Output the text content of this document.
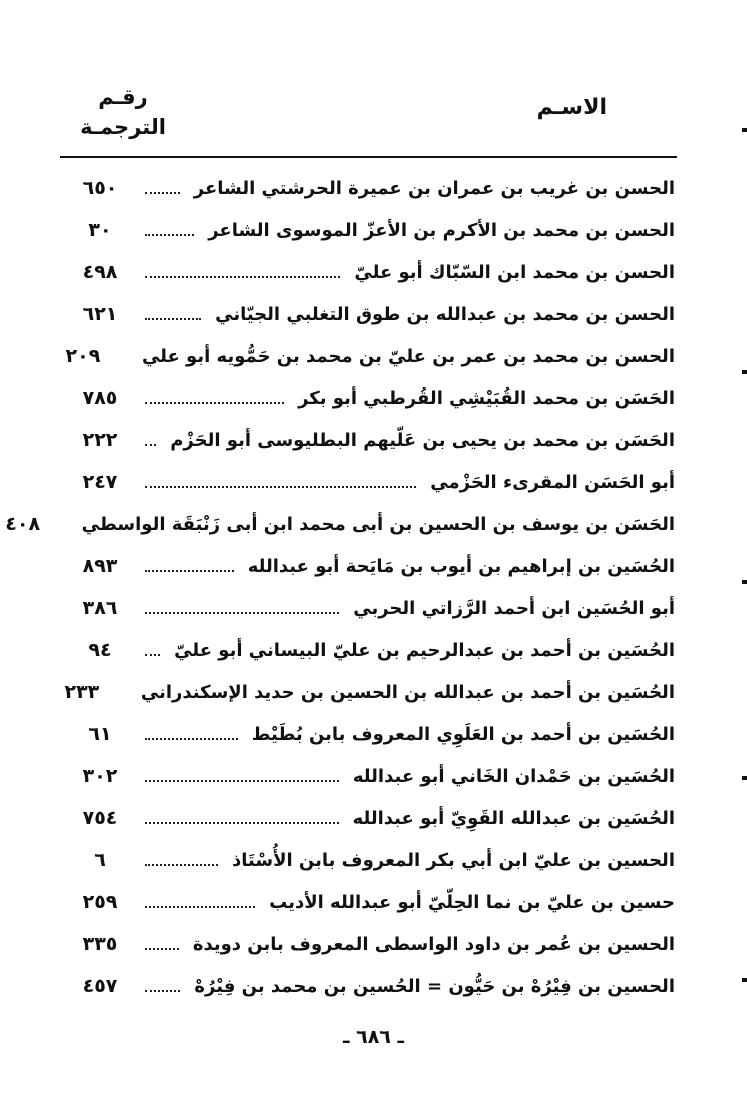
الاسـم
رقـم
الترجمـة
الحسن بن غريب بن عمران بن عميرة الحرشتي الشاعر
٦٥٠
الحسن بن محمد بن الأكرم بن الأعزّ الموسوى الشاعر
٣٠
الحسن بن محمد ابن السّبّاك أبو عليّ
٤٩٨
الحسن بن محمد بن عبدالله بن طوق التغلبي الجيّاني
٦٢١
الحسن بن محمد بن عمر بن عليّ بن محمد بن حَمُّويه أبو علي
٢٠٩
الحَسَن بن محمد القُبَيْشِي القُرطبي أبو بكر
٧٨٥
الحَسَن بن محمد بن يحيى بن عَلّيهم البطليوسى أبو الحَزْم
٢٢٢
أبو الحَسَن المقرىء الحَزْمي
٢٤٧
الحَسَن بن يوسف بن الحسين بن أبى محمد ابن أبى زَنْبَقَة الواسطي
٤٠٨
الحُسَين بن إبراهيم بن أيوب بن مَايَحة أبو عبدالله
٨٩٣
أبو الحُسَين ابن أحمد الرَّزاتي الحربي
٣٨٦
الحُسَين بن أحمد بن عبدالرحيم بن عليّ البيساني أبو عليّ
٩٤
الحُسَين بن أحمد بن عبدالله بن الحسين بن حديد الإسكندراني
٢٣٣
الحُسَين بن أحمد بن العَلَوِي المعروف بابن بُطَيْط
٦١
الحُسَين بن حَمْدان الخَاني أبو عبدالله
٣٠٢
الحُسَين بن عبدالله القَوِيّ أبو عبدالله
٧٥٤
الحسين بن عليّ ابن أبي بكر المعروف بابن الأُسْتَاذ
٦
حسين بن عليّ بن نما الحِلّيّ أبو عبدالله الأديب
٢٥٩
الحسين بن عُمر بن داود الواسطى المعروف بابن دويدة
٣٣٥
الحسين بن فِيْرُهْ بن حَيُّون = الحُسين بن محمد بن فِيْرُهْ
٤٥٧
ـ ٦٨٦ ـ
